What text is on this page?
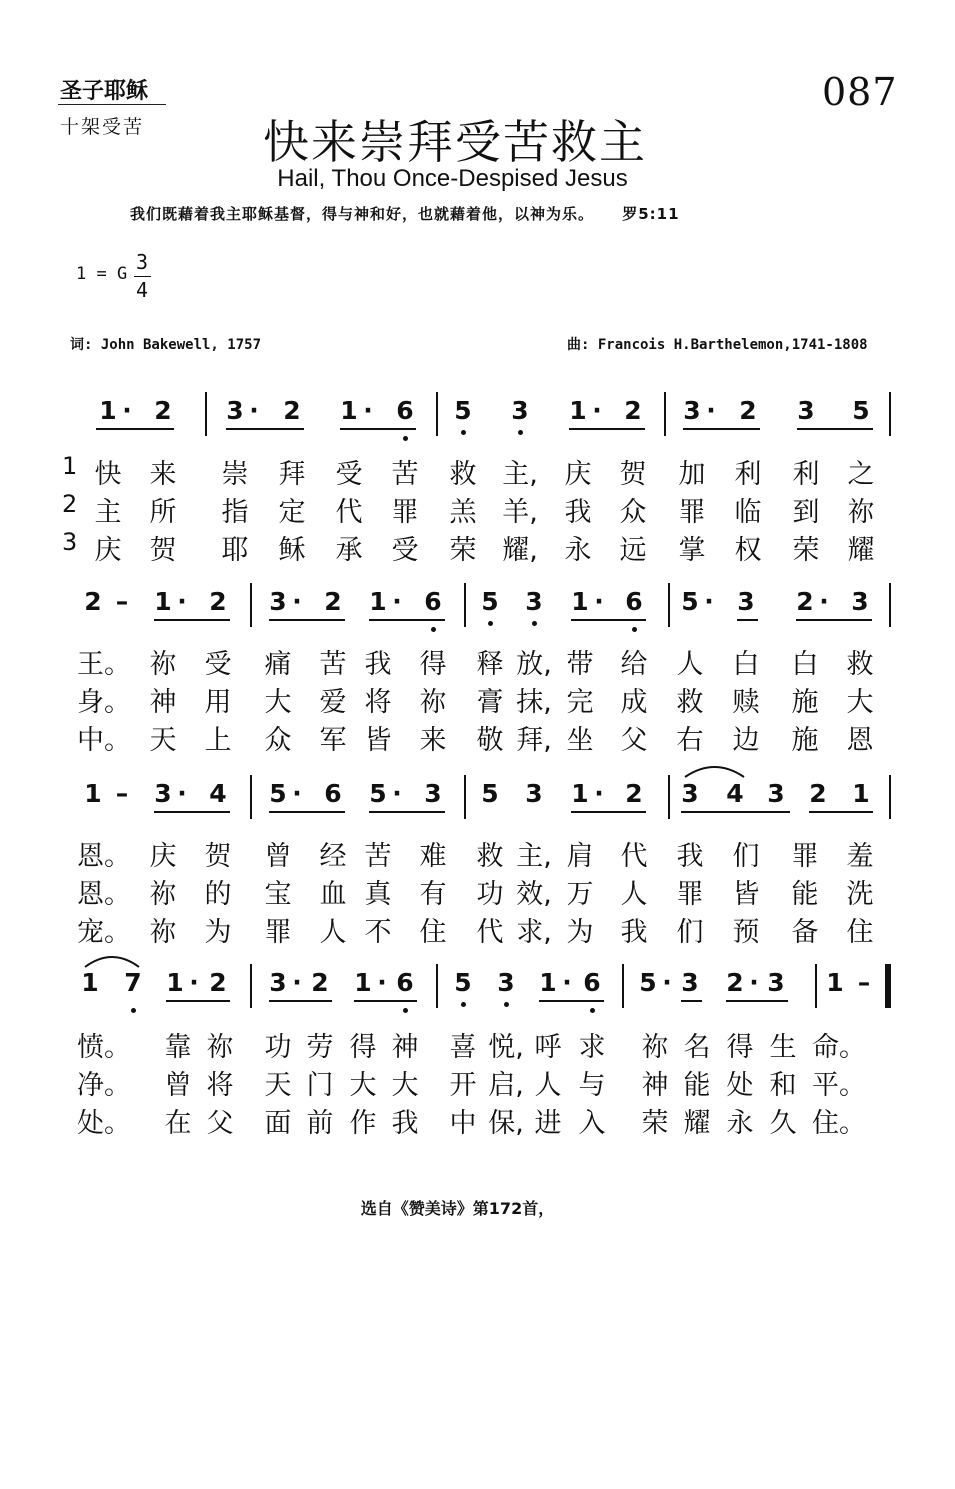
圣子耶稣
十架受苦
087
快来崇拜受苦救主
Hail, Thou Once-Despised Jesus
我们既藉着我主耶稣基督，得与神和好，也就藉着他，以神为乐。 罗5:11
1 = G 3
4
词: John Bakewell, 1757	曲: Francois H.Barthelemon,1741-1808
1 · 2 3 · 2 1 · 6 5 3 1 · 2 3 · 2 3 5
1 快 来 崇 拜 受 苦 救 主, 庆 贺 加 利 利 之
2 主 所 指 定 代 罪 羔 羊, 我 众 罪 临 到 祢
3 庆 贺 耶 稣 承 受 荣 耀, 永 远 掌 权 荣 耀
2 – 1 · 2 3 · 2 1 · 6 5 3 1 · 6 5 · 3 2 · 3
王。 祢 受 痛 苦 我 得 释 放, 带 给 人 白 白 救
身。 神 用 大 爱 将 祢 膏 抹, 完 成 救 赎 施 大
中。 天 上 众 军 皆 来 敬 拜, 坐 父 右 边 施 恩
1 – 3 · 4 5 · 6 5 · 3 5 3 1 · 2 3 4 3 2 1
恩。 庆 贺 曾 经 苦 难 救 主, 肩 代 我 们 罪 羞
恩。 祢 的 宝 血 真 有 功 效, 万 人 罪 皆 能 洗
宠。 祢 为 罪 人 不 住 代 求, 为 我 们 预 备 住
1 7 1 · 2 3 · 2 1 · 6 5 3 1 · 6 5 · 3 2 · 3 1 –
愤。 靠 祢 功 劳 得 神 喜 悦, 呼 求 祢 名 得 生 命。
净。 曾 将 天 门 大 大 开 启, 人 与 神 能 处 和 平。
处。 在 父 面 前 作 我 中 保, 进 入 荣 耀 永 久 住。
选自《赞美诗》第172首，
